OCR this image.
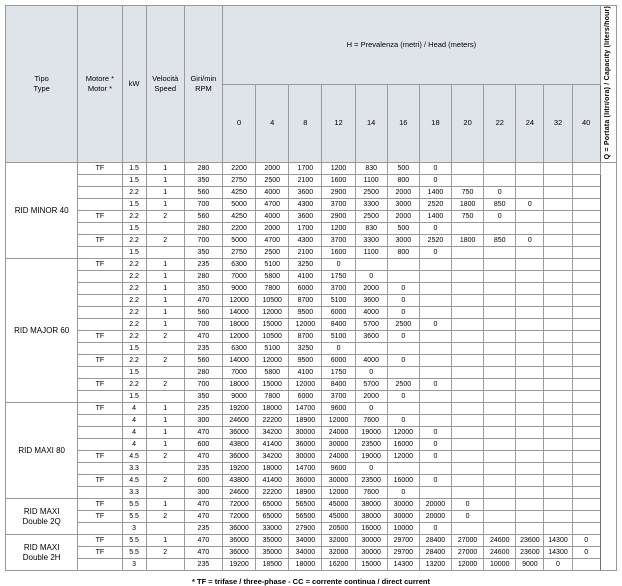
Tipo
Type

Motore *
Motor *
	kW	
Velocità
Speed

Giri/min
RPM
	H = Prevalenza (metri) / Head (meters)	Q = Portata (litri/ora) / Capacity (liters/hour)
					0	4	8	12	14	16	18	20	22	24	32	40	
RID MINOR 40	TF	1.5	1	280	2200	2000	1700	1200	830	500	0						
		1.5	1	350	2750	2500	2100	1600	1100	800	0						
		2.2	1	560	4250	4000	3600	2900	2500	2000	1400	750	0				
		1.5	1	700	5000	4700	4300	3700	3300	3000	2520	1800	850	0			
	TF	2.2	2	560	4250	4000	3600	2900	2500	2000	1400	750	0				
		1.5		280	2200	2000	1700	1200	830	500	0						
	TF	2.2	2	700	5000	4700	4300	3700	3300	3000	2520	1800	850	0			
		1.5		350	2750	2500	2100	1600	1100	800	0						
RID MAJOR 60	TF	2.2	1	235	6300	5100	3250	0									
		2.2	1	280	7000	5800	4100	1750	0								
		2.2	1	350	9000	7800	6000	3700	2000	0							
		2.2	1	470	12000	10500	8700	5100	3600	0							
		2.2	1	560	14000	12000	9500	6000	4000	0							
		2.2	1	700	18000	15000	12000	8400	5700	2500	0						
	TF	2.2	2	470	12000	10500	8700	5100	3600	0							
		1.5		235	6300	5100	3250	0									
	TF	2.2	2	560	14000	12000	9500	6000	4000	0							
		1.5		280	7000	5800	4100	1750	0								
	TF	2.2	2	700	18000	15000	12000	8400	5700	2500	0						
		1.5		350	9000	7800	6000	3700	2000	0							
RID MAXI 80	TF	4	1	235	19200	18000	14700	9600	0								
		4	1	300	24600	22200	18900	12000	7600	0							
		4	1	470	36000	34200	30000	24000	19000	12000	0						
		4	1	600	43800	41400	36000	30000	23500	16000	0						
	TF	4.5	2	470	36000	34200	30000	24000	19000	12000	0						
		3.3		235	19200	18000	14700	9600	0								
	TF	4.5	2	600	43800	41400	36000	30000	23500	16000	0						
		3.3		300	24600	22200	18900	12000	7600	0							

RID MAXI
Double 2Q	TF	5.5	1	470	72000	65000	56500	45000	38000	30000	20000	0					
	TF	5.5	2	470	72000	65000	56500	45000	38000	30000	20000	0					
		3		235	36000	33000	27900	20500	16000	10000	0						

RID MAXI
Double 2H	TF	5.5	1	470	36000	35000	34000	32000	30000	29700	28400	27000	24600	23600	14300	0	
	TF	5.5	2	470	36000	35000	34000	32000	30000	29700	28400	27000	24600	23600	14300	0	
		3		235	19200	18500	18000	16200	15000	14300	13200	12000	10000	9000	0		
* TF = trifase / three-phase - CC = corrente continua / direct current
